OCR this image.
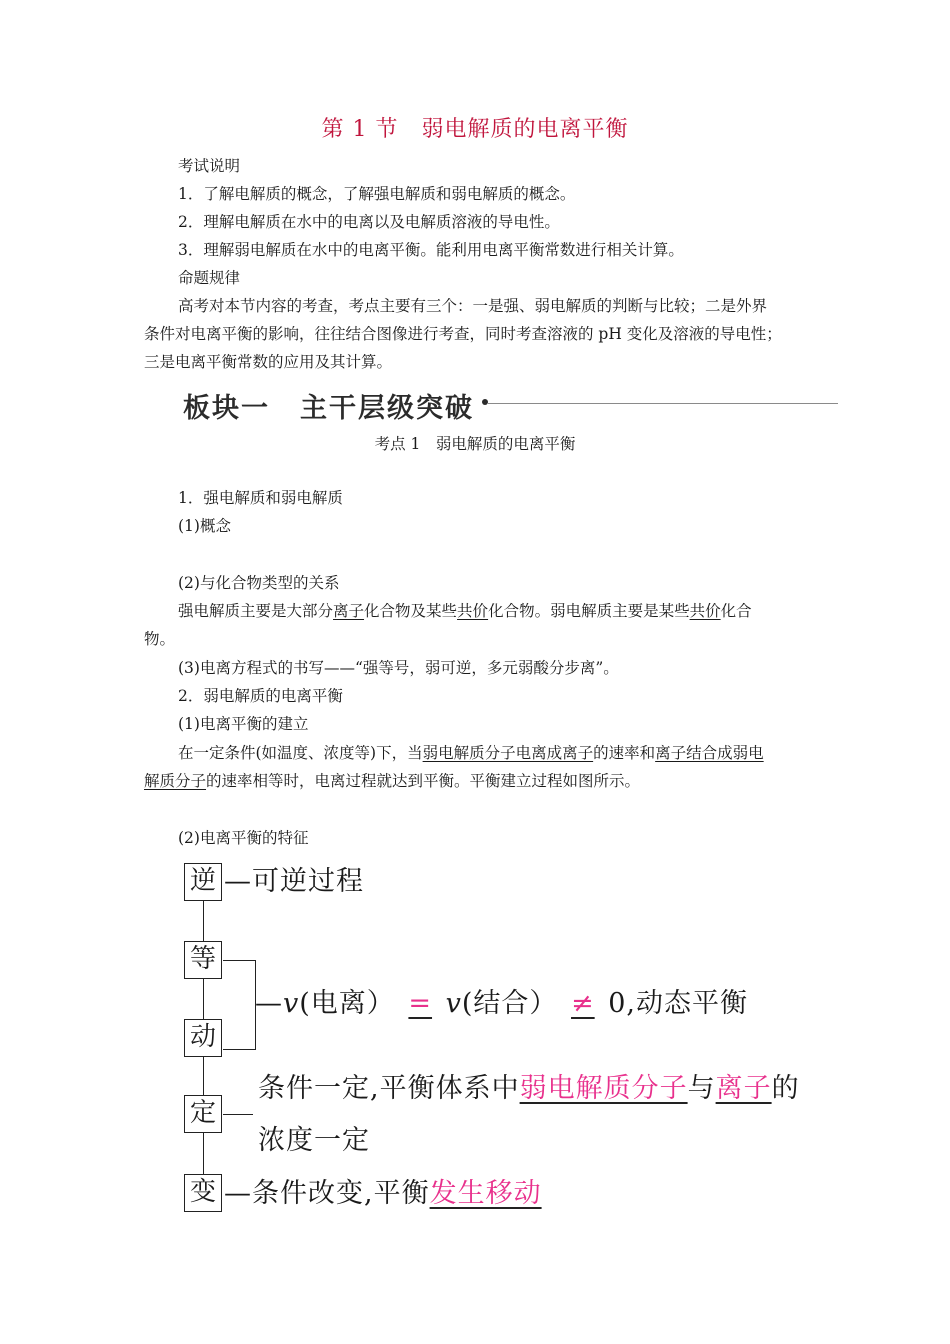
第 1 节　弱电解质的电离平衡
考试说明
1．了解电解质的概念，了解强电解质和弱电解质的概念。
2．理解电解质在水中的电离以及电解质溶液的导电性。
3．理解弱电解质在水中的电离平衡。能利用电离平衡常数进行相关计算。
命题规律
高考对本节内容的考查，考点主要有三个：一是强、弱电解质的判断与比较；二是外界
条件对电离平衡的影响，往往结合图像进行考查，同时考查溶液的 pH 变化及溶液的导电性；
三是电离平衡常数的应用及其计算。
板块一 主干层级突破
考点 1　弱电解质的电离平衡
1．强电解质和弱电解质
(1)概念
(2)与化合物类型的关系
强电解质主要是大部分离子化合物及某些共价化合物。弱电解质主要是某些共价化合
物。
(3)电离方程式的书写——“强等号，弱可逆，多元弱酸分步离”。
2．弱电解质的电离平衡
(1)电离平衡的建立
在一定条件(如温度、浓度等)下，当弱电解质分子电离成离子的速率和离子结合成弱电
解质分子的速率相等时，电离过程就达到平衡。平衡建立过程如图所示。
(2)电离平衡的特征
逆
等
动
定
变
—可逆过程
—v(电离） = v(结合） ≠ 0,动态平衡
条件一定,平衡体系中弱电解质分子与离子的
浓度一定
—条件改变,平衡发生移动
